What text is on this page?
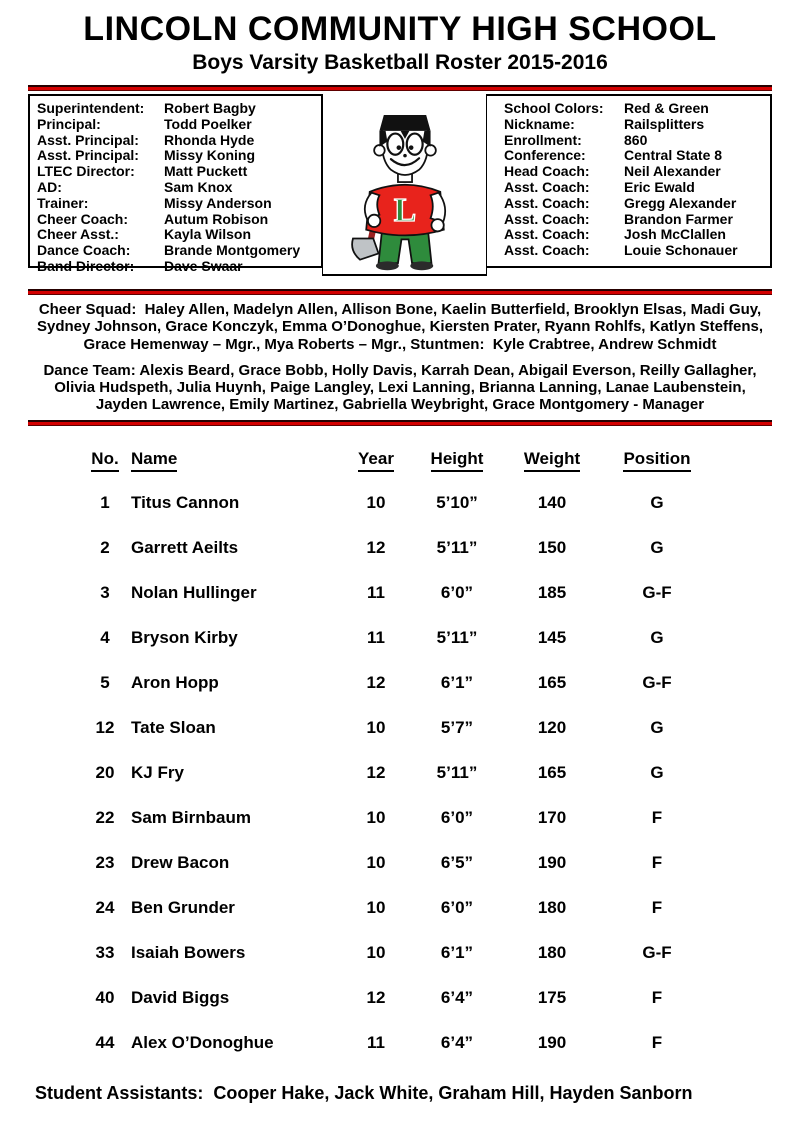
LINCOLN COMMUNITY HIGH SCHOOL
Boys Varsity Basketball Roster 2015-2016
Superintendent:	Robert Bagby
Principal:	Todd Poelker
Asst. Principal:	Rhonda Hyde
Asst. Principal:	Missy Koning
LTEC Director:	Matt Puckett
AD:	Sam Knox
Trainer:	Missy Anderson
Cheer Coach:	Autum Robison
Cheer Asst.:	Kayla Wilson
Dance Coach:	Brande Montgomery
Band Director:	Dave Swaar
L
School Colors:	Red & Green
Nickname:	Railsplitters
Enrollment:	860
Conference:	Central State 8
Head Coach:	Neil Alexander
Asst. Coach:	Eric Ewald
Asst. Coach:	Gregg Alexander
Asst. Coach:	Brandon Farmer
Asst. Coach:	Josh McClallen
Asst. Coach:	Louie Schonauer

Cheer Squad:  Haley Allen, Madelyn Allen, Allison Bone, Kaelin Butterfield, Brooklyn Elsas, Madi Guy, Sydney Johnson, Grace Konczyk, Emma O’Donoghue, Kiersten Prater, Ryann Rohlfs, Katlyn Steffens, Grace Hemenway – Mgr., Mya Roberts – Mgr., Stuntmen:  Kyle Crabtree, Andrew Schmidt

Dance Team: Alexis Beard, Grace Bobb, Holly Davis, Karrah Dean, Abigail Everson, Reilly Gallagher, Olivia Hudspeth, Julia Huynh, Paige Langley, Lexi Lanning, Brianna Lanning, Lanae Laubenstein, Jayden Lawrence, Emily Martinez, Gabriella Weybright, Grace Montgomery - Manager

No. Name	Year	Height	Weight	Position
1	Titus Cannon	10	5’10”	140	G
2	Garrett Aeilts	12	5’11”	150	G
3	Nolan Hullinger	11	6’0”	185	G-F
4	Bryson Kirby	11	5’11”	145	G
5	Aron Hopp	12	6’1”	165	G-F
12 Tate Sloan	10	5’7”	120	G
20 KJ Fry	12	5’11”	165	G
22 Sam Birnbaum	10	6’0”	170	F
23 Drew Bacon	10	6’5”	190	F
24 Ben Grunder	10	6’0”	180	F
33 Isaiah Bowers	10	6’1”	180	G-F
40 David Biggs	12	6’4”	175	F
44 Alex O’Donoghue	11	6’4”	190	F

Student Assistants:  Cooper Hake, Jack White, Graham Hill, Hayden Sanborn
